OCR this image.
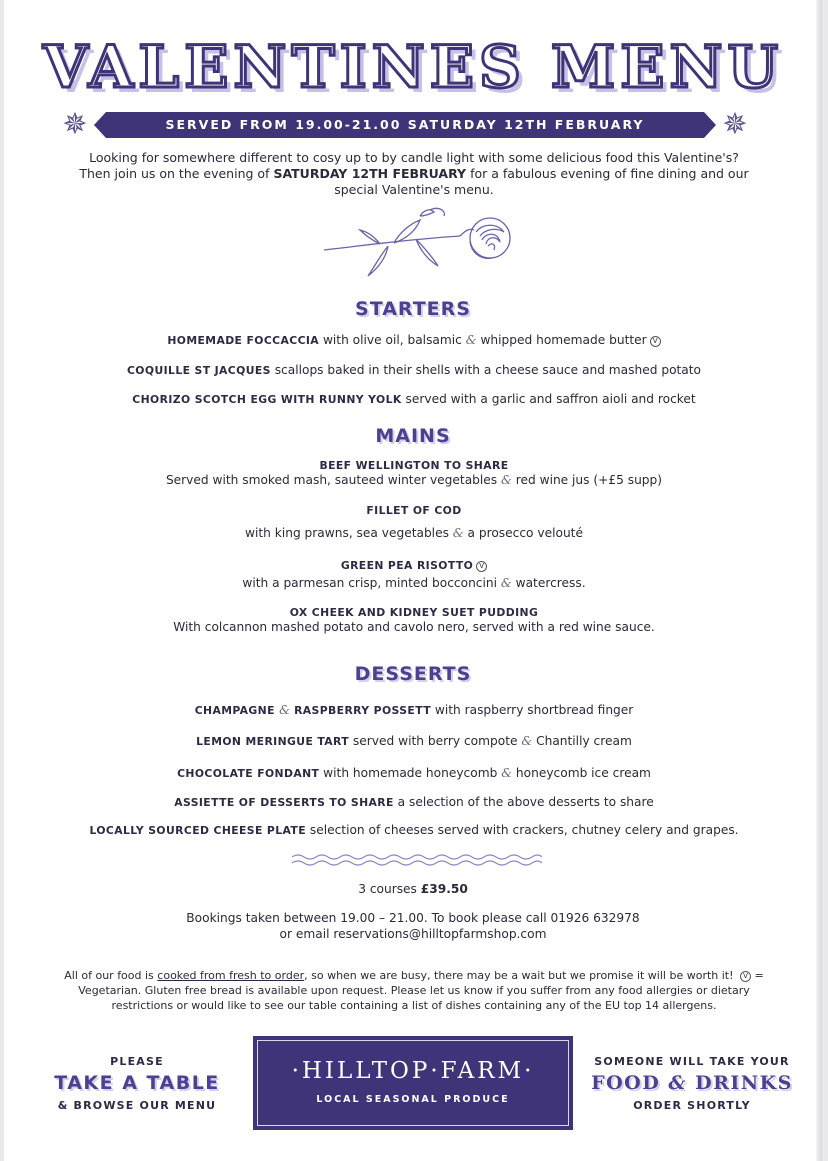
VALENTINES MENU
✵	SERVED FROM 19.00-21.00 SATURDAY 12TH FEBRUARY	✵
Looking for somewhere different to cosy up to by candle light with some delicious food this Valentine's?
Then join us on the evening of SATURDAY 12TH FEBRUARY for a fabulous evening of fine dining and our
special Valentine's menu.
STARTERS
HOMEMADE FOCCACCIA with olive oil, balsamic & whipped homemade butter V
COQUILLE ST JACQUES scallops baked in their shells with a cheese sauce and mashed potato
CHORIZO SCOTCH EGG WITH RUNNY YOLK served with a garlic and saffron aioli and rocket
MAINS
BEEF WELLINGTON TO SHARE
Served with smoked mash, sauteed winter vegetables & red wine jus (+£5 supp)
FILLET OF COD
with king prawns, sea vegetables & a prosecco velouté
GREEN PEA RISOTTO V
with a parmesan crisp, minted bocconcini & watercress.
OX CHEEK AND KIDNEY SUET PUDDING
With colcannon mashed potato and cavolo nero, served with a red wine sauce.
DESSERTS
CHAMPAGNE & RASPBERRY POSSETT with raspberry shortbread finger
LEMON MERINGUE TART served with berry compote & Chantilly cream
CHOCOLATE FONDANT with homemade honeycomb & honeycomb ice cream
ASSIETTE OF DESSERTS TO SHARE a selection of the above desserts to share
LOCALLY SOURCED CHEESE PLATE selection of cheeses served with crackers, chutney celery and grapes.
3 courses £39.50
Bookings taken between 19.00 – 21.00. To book please call 01926 632978
or email reservations@hilltopfarmshop.com
All of our food is cooked from fresh to order, so when we are busy, there may be a wait but we promise it will be worth it! V = Vegetarian. Gluten free bread is available upon request. Please let us know if you suffer from any food allergies or dietary restrictions or would like to see our table containing a list of dishes containing any of the EU top 14 allergens.
PLEASE
TAKE A TABLE
& BROWSE OUR MENU
·HILLTOP·FARM·
LOCAL SEASONAL PRODUCE
SOMEONE WILL TAKE YOUR
FOOD & DRINKS
ORDER SHORTLY
